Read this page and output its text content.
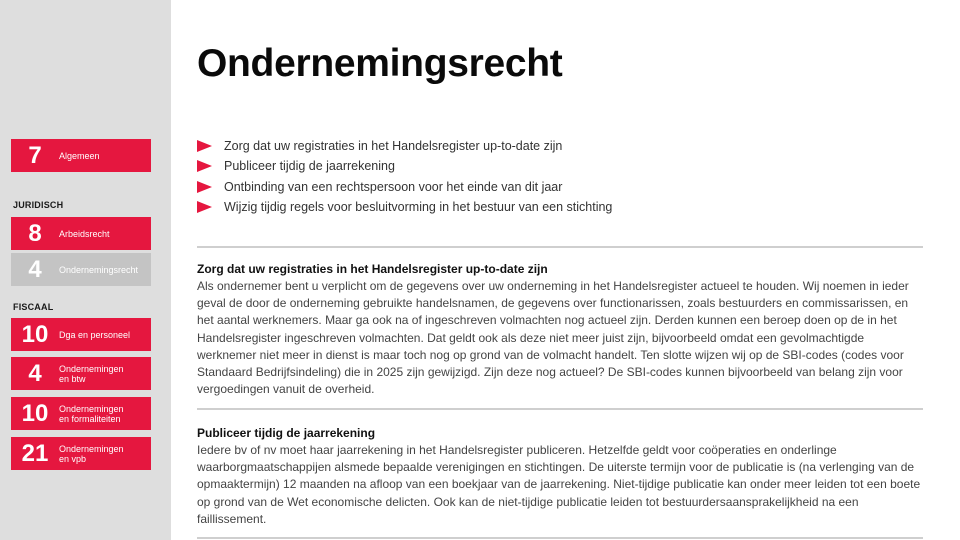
7	Algemeen
JURIDISCH
8	Arbeidsrecht
4	Ondernemingsrecht
FISCAAL
10	Dga en personeel
4	Ondernemingen
en btw
10	Ondernemingen
en formaliteiten
21	Ondernemingen
en vpb
Ondernemingsrecht
Zorg dat uw registraties in het Handelsregister up-to-date zijn
Publiceer tijdig de jaarrekening
Ontbinding van een rechtspersoon voor het einde van dit jaar
Wijzig tijdig regels voor besluitvorming in het bestuur van een stichting
Zorg dat uw registraties in het Handelsregister up-to-date zijn

Als ondernemer bent u verplicht om de gegevens over uw onderneming in het Handelsregister actueel te houden. Wij noemen in ieder geval de door de onderneming gebruikte handelsnamen, de gegevens over functionarissen, zoals bestuurders en commissarissen, en het aantal werknemers. Maar ga ook na of ingeschreven volmachten nog actueel zijn. Derden kunnen een beroep doen op de in het Handelsregister ingeschreven volmachten. Dat geldt ook als deze niet meer juist zijn, bijvoorbeeld omdat een gevolmachtigde werknemer niet meer in dienst is maar toch nog op grond van de volmacht handelt. Ten slotte wijzen wij op de SBI-codes (codes voor Standaard Bedrijfsindeling) die in 2025 zijn gewijzigd. Zijn deze nog actueel? De SBI-codes kunnen bijvoorbeeld van belang zijn voor vergoedingen vanuit de overheid.

Publiceer tijdig de jaarrekening

Iedere bv of nv moet haar jaarrekening in het Handelsregister publiceren. Hetzelfde geldt voor coöperaties en onderlinge waarborgmaatschappijen alsmede bepaalde verenigingen en stichtingen. De uiterste termijn voor de publicatie is (na verlenging van de opmaaktermijn) 12 maanden na afloop van een boekjaar van de jaarrekening. Niet-tijdige publicatie kan onder meer leiden tot een boete op grond van de Wet economische delicten. Ook kan de niet-tijdige publicatie leiden tot bestuurdersaansprakelijkheid na een faillissement.
